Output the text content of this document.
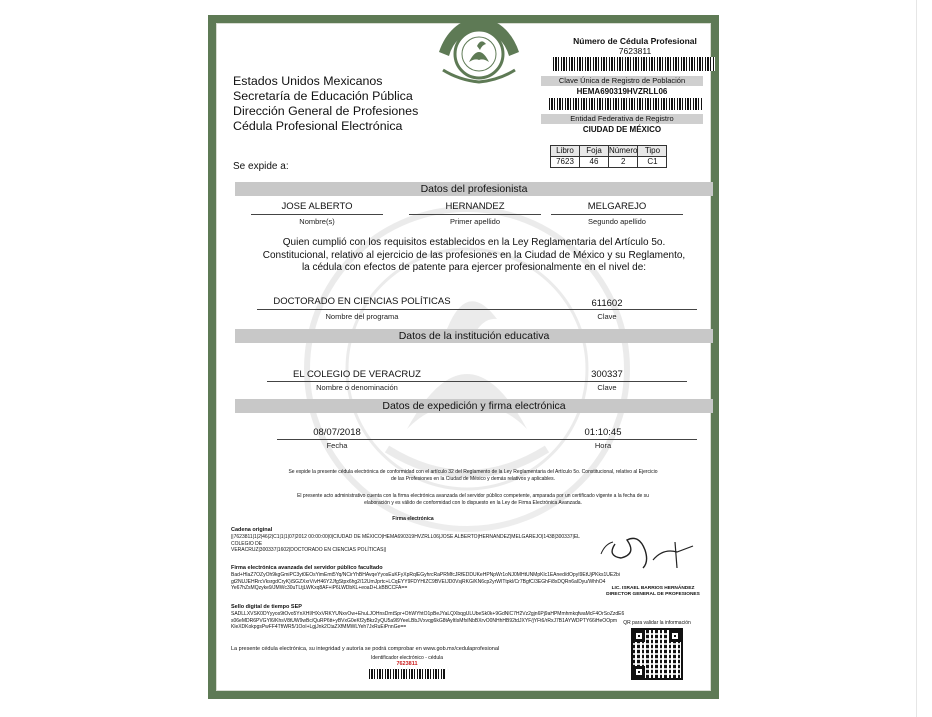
Número de Cédula Profesional
7623811
Estados Unidos Mexicanos
Secretaría de Educación Pública
Dirección General de Profesiones
Cédula Profesional Electrónica
Clave Única de Registro de Población
HEMA690319HVZRLL06
Entidad Federativa de Registro
CIUDAD DE MÉXICO
Libro	Foja	Número	Tipo
7623	46	2	C1
Se expide a:
Datos del profesionista
JOSE ALBERTO
Nombre(s)
HERNANDEZ
Primer apellido
MELGAREJO
Segundo apellido
Quien cumplió con los requisitos establecidos en la Ley Reglamentaria del Artículo 5o.
Constitucional, relativo al ejercicio de las profesiones en la Ciudad de México y su Reglamento,
la cédula con efectos de patente para ejercer profesionalmente en el nivel de:
DOCTORADO EN CIENCIAS POLÍTICAS
Nombre del programa
611602
Clave
Datos de la institución educativa
EL COLEGIO DE VERACRUZ
Nombre o denominación
300337
Clave
Datos de expedición y firma electrónica
08/07/2018
Fecha
01:10:45
Hora
Se expide la presente cédula electrónica de conformidad con el artículo 32 del Reglamento de la Ley Reglamentaria del Artículo 5o. Constitucional, relativo al Ejercicio
de las Profesiones en la Ciudad de México y demás relativos y aplicables.
El presente acto administrativo cuenta con la firma electrónica avanzada del servidor público competente, amparada por un certificado vigente a la fecha de su
elaboración y es válido de conformidad con lo dispuesto en la Ley de Firma Electrónica Avanzada.
Firma electrónica
Cadena original
||7623811|1|2|46|2|C1|1|1|07|2012 00:00:00|0|CIUDAD DE MÉXICO|HEMA690319HVZRLL06|JOSE ALBERTO|HERNANDEZ|MELGAREJO|1438|300337|EL COLEGIO DE
VERACRUZ|300337|1602|DOCTORADO EN CIENCIAS POLÍTICAS||
LIC. ISRAEL BARRIOS HERNÁNDEZ
DIRECTOR GENERAL DE PROFESIONES
Firma electrónica avanzada del servidor público facultado
Bad+HlaZ7OZyOh9kgGmiPC3yt0EOsYimEmt5Yq/NCirYhBHAvqeYyosEuKFyXpRqlEGyhrcRaPRMfcJRfEDDUKeHPNpWr1oNJ0MHtUNMpKlc1EAned/dOpyI9EtUjPKks1UE2bi
gt2NUJEHRrcVksrgdCryK}iSGZXxrV/vH46Y2JfgStpx6hg2/12UmJprtc+LCqEYY9FDYHIZC9BVEIJD0VsjRKG/KN6cp2yrWITtpkl/Cr7BgfC/3EGhFi8xDQRn6aIDyu/WhhO4
Ye67hZsMQzyke9/JMWc30uTLtjLWKxq8AF+iP6LWDbKL+eoaD+LkBBCCFA==
Sello digital de tiempo SEP
SADLLXVSK0DYyyos9tOvo5YnXHI/HXxVRKYUNxvOw+EhuLJOHnsDmtSpr+OhWYhtO1pBeJYaLQXbqgULUbeSk0k+9GdNlC7H2Vz2gjn6Pj9aHPMmhmkqfwaMcF4OrSoZzdE6
s06eMDR6PVGYl6/KhsV8tUW9wBc/QuRP6tt+yBVxG0eKf2yBkz2yQU5a9l9YeeLBbJVxvqg6kG8tAyItIsMfxlNbBXrvO0NHhHB92tdJXYF/jYFt6/rRxJ7B1AYWDPTY66iHeOOpm
KleXDKokpgsPwFF4TfiWR5/1OoI+LgjJnk2CtaZXfMMWLYeh7JxRuEiPnnGe==
La presente cédula electrónica, su integridad y autoría se podrá comprobar en www.gob.mx/cedulaprofesional
Identificador electrónico - cédula
7623811
QR para validar la información
